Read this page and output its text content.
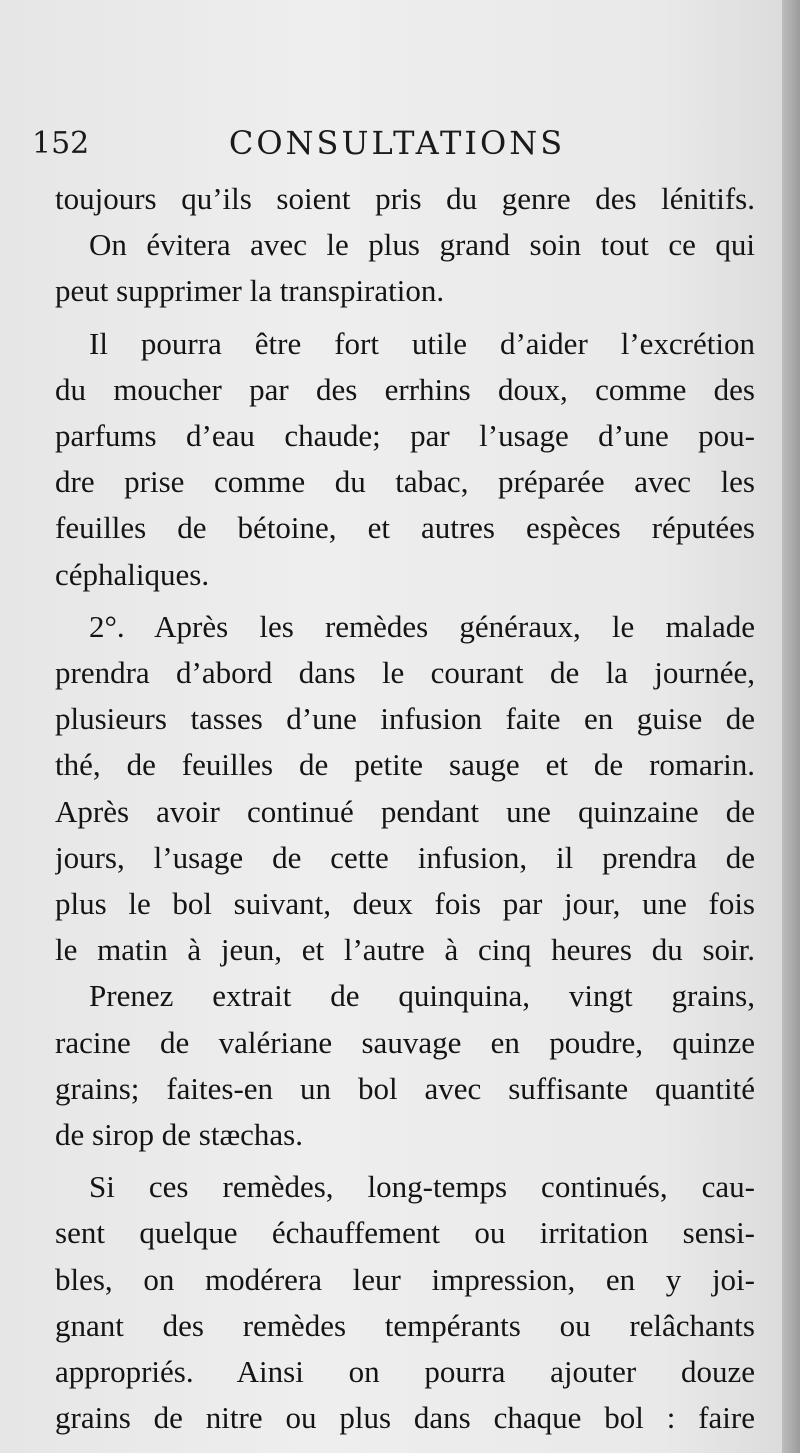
152	CONSULTATIONS
toujours qu’ils soient pris du genre des lénitifs.
On évitera avec le plus grand soin tout ce qui
peut supprimer la transpiration.
Il pourra être fort utile d’aider l’excrétion
du moucher par des errhins doux, comme des
parfums d’eau chaude; par l’usage d’une pou-
dre prise comme du tabac, préparée avec les
feuilles de bétoine, et autres espèces réputées
céphaliques.
2°. Après les remèdes généraux, le malade
prendra d’abord dans le courant de la journée,
plusieurs tasses d’une infusion faite en guise de
thé, de feuilles de petite sauge et de romarin.
Après avoir continué pendant une quinzaine de
jours, l’usage de cette infusion, il prendra de
plus le bol suivant, deux fois par jour, une fois
le matin à jeun, et l’autre à cinq heures du soir.
Prenez extrait de quinquina, vingt grains,
racine de valériane sauvage en poudre, quinze
grains; faites-en un bol avec suffisante quantité
de sirop de stæchas.
Si ces remèdes, long-temps continués, cau-
sent quelque échauffement ou irritation sensi-
bles, on modérera leur impression, en y joi-
gnant des remèdes tempérants ou relâchants
appropriés. Ainsi on pourra ajouter douze
grains de nitre ou plus dans chaque bol : faire
